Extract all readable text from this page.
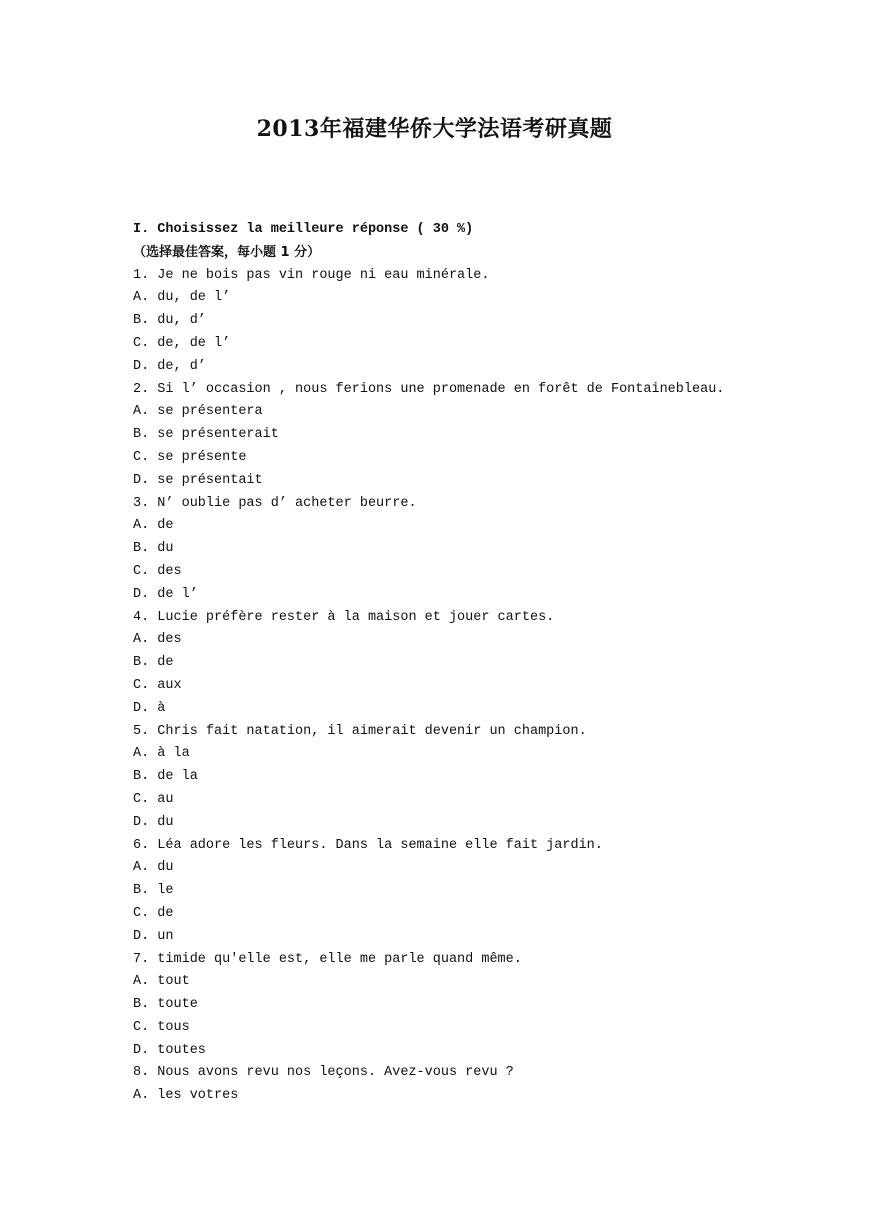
2013年福建华侨大学法语考研真题
I. Choisissez la meilleure réponse ( 30 %)
（选择最佳答案，每小题 1 分）
1. Je ne bois pas vin rouge ni eau minérale.
A. du, de l’
B. du, d’
C. de, de l’
D. de, d’
2. Si l’ occasion , nous ferions une promenade en forêt de Fontainebleau.
A. se présentera
B. se présenterait
C. se présente
D. se présentait
3. N’ oublie pas d’ acheter beurre.
A. de
B. du
C. des
D. de l’
4. Lucie préfère rester à la maison et jouer cartes.
A. des
B. de
C. aux
D. à
5. Chris fait natation, il aimerait devenir un champion.
A. à la
B. de la
C. au
D. du
6. Léa adore les fleurs. Dans la semaine elle fait jardin.
A. du
B. le
C. de
D. un
7. timide qu'elle est, elle me parle quand même.
A. tout
B. toute
C. tous
D. toutes
8. Nous avons revu nos leçons. Avez-vous revu ?
A. les votres
